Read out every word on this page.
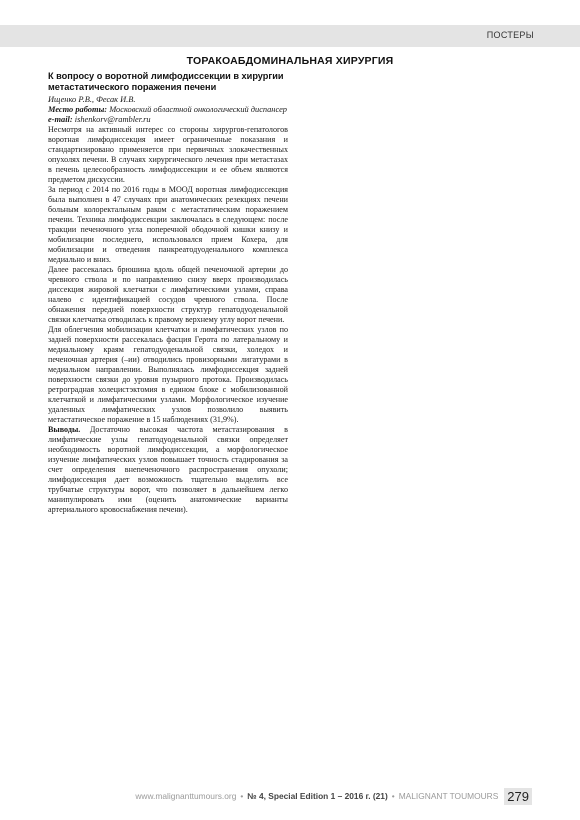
ПОСТЕРЫ
ТОРАКОАБДОМИНАЛЬНАЯ ХИРУРГИЯ

К вопросу о воротной лимфодиссекции в хирургии метастатического поражения печени

Ищенко Р.В., Фесак И.В.

Место работы: Московский областной онкологический диспансер

e-mail: ishenkorv@rambler.ru

Несмотря на активный интерес со стороны хирургов-гепатологов воротная лимфодиссекция имеет ограниченные показания и стандартизировано применяется при первичных злокачественных опухолях печени. В случаях хирургического лечения при метастазах в печень целесообразность лимфодиссекции и ее объем являются предметом дискуссии.

За период с 2014 по 2016 годы в МООД воротная лимфодиссекция была выполнен в 47 случаях при анатомических резекциях печени больным колоректальным раком с метастатическим поражением печени. Техника лимфодиссекции заключалась в следующем: после тракции печеночного угла поперечной ободочной кишки книзу и мобилизации последнего, использовался прием Кохера, для мобилизации и отведения панкреатодуоденального комплекса медиально и вниз.

Далее рассекалась брюшина вдоль общей печеночной артерии до чревного ствола и по направлению снизу вверх производилась диссекция жировой клетчатки с лимфатическими узлами, справа налево с идентификацией сосудов чревного ствола. После обнажения передней поверхности структур гепатодуоденальной связки клетчатка отводилась к правому верхнему углу ворот печени.

Для облегчения мобилизации клетчатки и лимфатических узлов по задней поверхности рассекалась фасция Герота по латеральному и медиальному краям гепатодуоденальной связки, холедох и печеночная артерия (–ии) отводились провизорными лигатурами в медиальном направлении. Выполнялась лимфодиссекция задней поверхности связки до уровня пузырного протока. Производилась ретроградная холецистэктомия в едином блоке с мобилизованной клетчаткой и лимфатическими узлами. Морфологическое изучение удаленных лимфатических узлов позволило выявить метастатическое поражение в 15 наблюдениях (31,9%).

Выводы. Достаточно высокая частота метастазирования в лимфатические узлы гепатодуоденальной связки определяет необходимость воротной лимфодиссекции, а морфологическое изучение лимфатических узлов повышает точность стадирования за счет определения внепеченочного распространения опухоли; лимфодиссекция дает возможность тщательно выделить все трубчатые структуры ворот, что позволяет в дальнейшем легко манипулировать ими (оценить анатомические варианты артериального кровоснабжения печени).

www.malignanttumours.org • № 4, Special Edition 1 – 2016 г. (21) • MALIGNANT TOUMOURS 279
